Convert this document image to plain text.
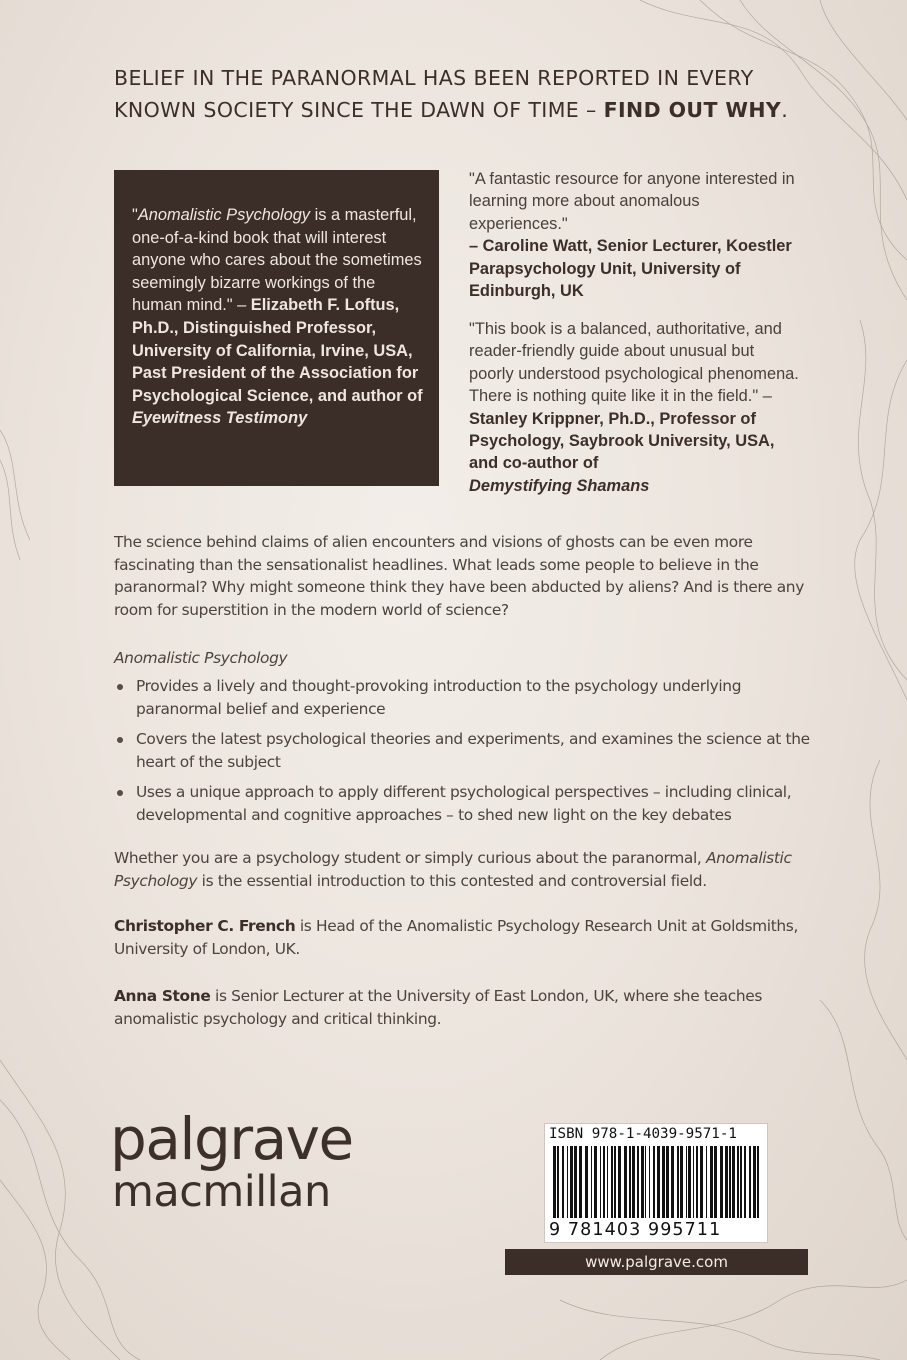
BELIEF IN THE PARANORMAL HAS BEEN REPORTED IN EVERY
KNOWN SOCIETY SINCE THE DAWN OF TIME – FIND OUT WHY.
"Anomalistic Psychology is a masterful, one-of-a-kind book that will interest anyone who cares about the sometimes seemingly bizarre workings of the human mind." – Elizabeth F. Loftus, Ph.D., Distinguished Professor, University of California, Irvine, USA, Past President of the Association for Psychological Science, and author of Eyewitness Testimony
"A fantastic resource for anyone interested in learning more about anomalous experiences."
– Caroline Watt, Senior Lecturer, Koestler Parapsychology Unit, University of Edinburgh, UK
"This book is a balanced, authoritative, and reader-friendly guide about unusual but poorly understood psychological phenomena. There is nothing quite like it in the field." – Stanley Krippner, Ph.D., Professor of Psychology, Saybrook University, USA, and co-author of
Demystifying Shamans
The science behind claims of alien encounters and visions of ghosts can be even more fascinating than the sensationalist headlines. What leads some people to believe in the paranormal? Why might someone think they have been abducted by aliens? And is there any room for superstition in the modern world of science?
Anomalistic Psychology
Provides a lively and thought-provoking introduction to the psychology underlying paranormal belief and experience
Covers the latest psychological theories and experiments, and examines the science at the heart of the subject
Uses a unique approach to apply different psychological perspectives – including clinical, developmental and cognitive approaches – to shed new light on the key debates
Whether you are a psychology student or simply curious about the paranormal, Anomalistic Psychology is the essential introduction to this contested and controversial field.
Christopher C. French is Head of the Anomalistic Psychology Research Unit at Goldsmiths, University of London, UK.
Anna Stone is Senior Lecturer at the University of East London, UK, where she teaches anomalistic psychology and critical thinking.
palgrave
macmillan
ISBN 978-1-4039-9571-1
9 781403 995711
www.palgrave.com
